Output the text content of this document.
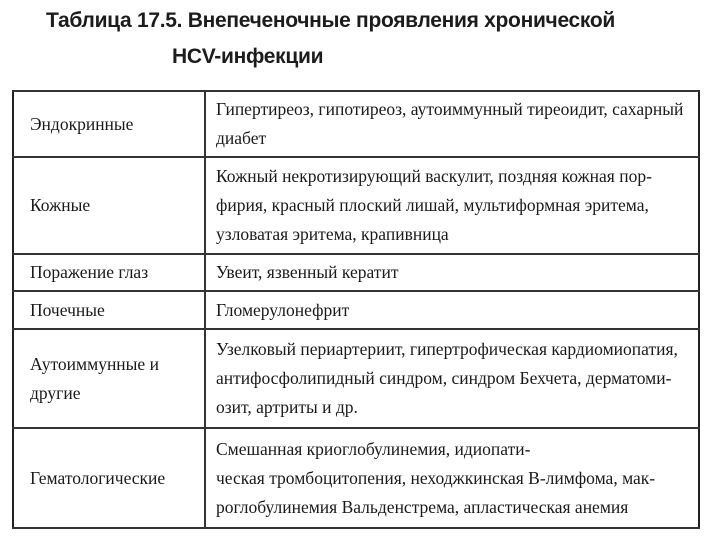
Таблица 17.5. Внепеченочные проявления хронической
HCV-инфекции
Эндокринные	Гипертиреоз, гипотиреоз, аутоиммунный тиреоидит, сахарный
диабет

Кожные	Кожный некротизирующий васкулит, поздняя кожная пор-
фирия, красный плоский лишай, мультиформная эритема,
узловатая эритема, крапивница

Поражение глаз	Увеит, язвенный кератит

Почечные	Гломерулонефрит

Аутоиммунные и
другие	Узелковый периартериит, гипертрофическая кардиомиопатия,
антифосфолипидный синдром, синдром Бехчета, дерматоми-
озит, артриты и др.

Гематологические	Смешанная криоглобулинемия, идиопати-
ческая тромбоцитопения, неходжкинская В-лимфома, мак-
роглобулинемия Вальденстрема, апластическая анемия
